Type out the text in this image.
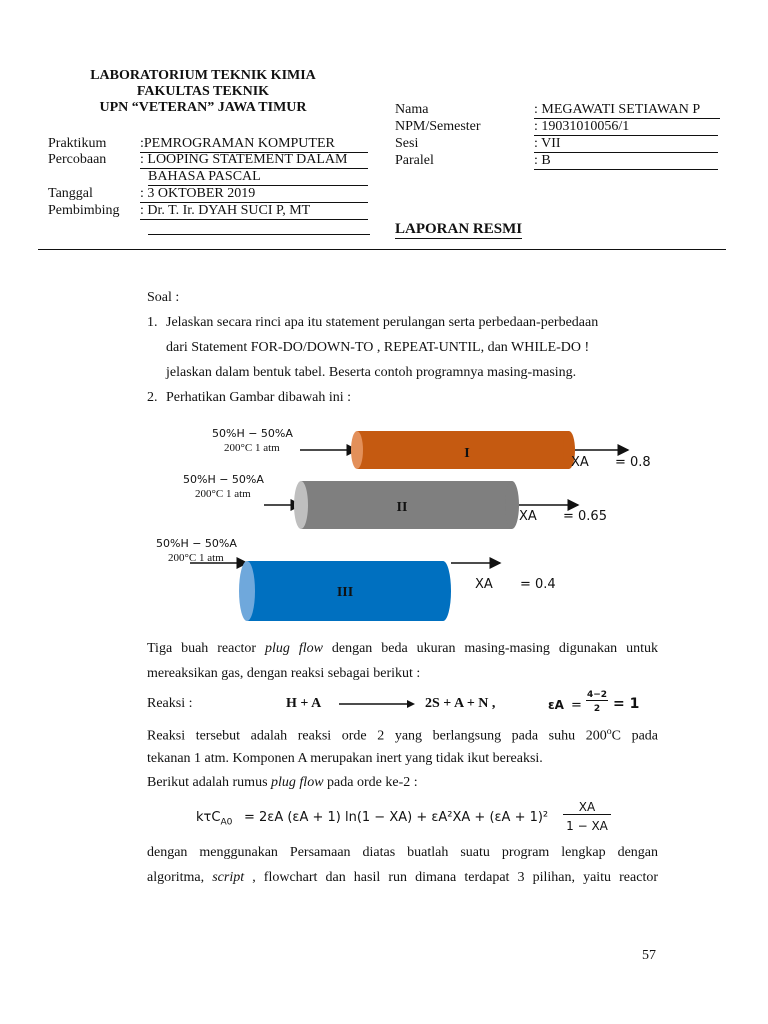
LABORATORIUM TEKNIK KIMIA
FAKULTAS TEKNIK
UPN “VETERAN” JAWA TIMUR
Praktikum :PEMROGRAMAN KOMPUTER
Percobaan : LOOPING STATEMENT DALAM
BAHASA PASCAL
Tanggal	: 3 OKTOBER 2019
Pembimbing : Dr. T. Ir. DYAH SUCI P, MT
Nama	: MEGAWATI SETIAWAN P
NPM/Semester	: 19031010056/1
Sesi	: VII
Paralel	: B
LAPORAN RESMI
Soal :
1. Jelaskan secara rinci apa itu statement perulangan serta perbedaan-perbedaan
dari Statement FOR-DO/DOWN-TO , REPEAT-UNTIL, dan WHILE-DO !
jelaskan dalam bentuk tabel. Beserta contoh programnya masing-masing.
2. Perhatikan Gambar dibawah ini :
I
50%H − 50%A
200°C 1 atm
XA = 0.8
II
50%H − 50%A
200°C 1 atm
XA = 0.65
III
50%H − 50%A
200°C 1 atm
XA = 0.4
Tiga buah reactor plug flow dengan beda ukuran masing-masing digunakan untuk
mereaksikan gas, dengan reaksi sebagai berikut :
Reaksi :	H + A	2S + A + N ,	εA =
4−2
2 = 1
Reaksi tersebut adalah reaksi orde 2 yang berlangsung pada suhu 200$^o$C pada
tekanan 1 atm. Komponen A merupakan inert yang tidak ikut bereaksi.
Berikut adalah rumus plug flow pada orde ke-2 :
kτC$_{A0}$ = 2εA (εA + 1) ln(1 − XA) + εA²XA + (εA + 1)²
XA
1 − XA
dengan menggunakan Persamaan diatas buatlah suatu program lengkap dengan
algoritma, script , flowchart dan hasil run dimana terdapat 3 pilihan, yaitu reactor
57
